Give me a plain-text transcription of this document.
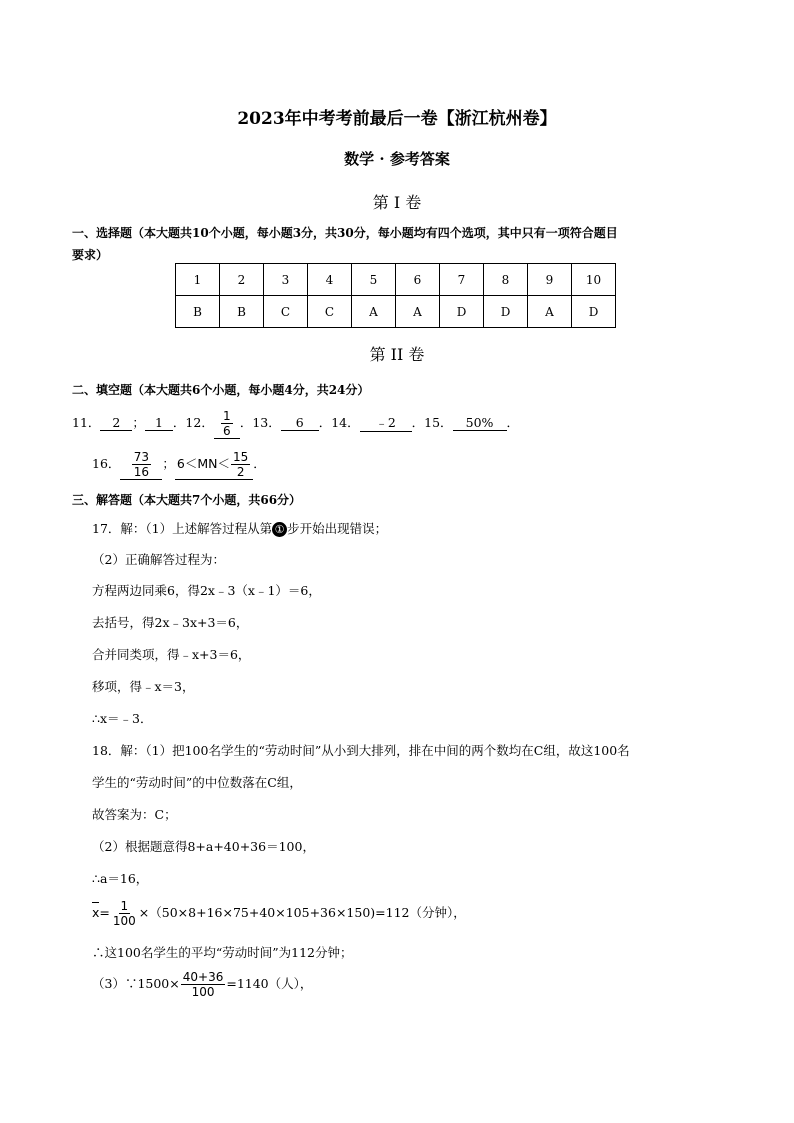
2023年中考考前最后一卷【浙江杭州卷】
数学 · 参考答案
第 I 卷
一、选择题（本大题共10个小题，每小题3分，共30分，每小题均有四个选项，其中只有一项符合题目
要求）
1	2	3	4	5	6	7	8	9	10
B	B	C	C	A	A	D	D	A	D
第 II 卷
二、填空题（本大题共6个小题，每小题4分，共24分）
11． 2 ； 1 ．12． $\frac{1}{6}$ ．13． 6 ．14． ﹣2 ．15． 50% ．
16． $\frac{73}{16}$ ； $6<MN< \frac{15}{2}$ ．
三、解答题（本大题共7个小题，共66分）
17．解：（1）上述解答过程从第 ① 步开始出现错误；
（2）正确解答过程为：
方程两边同乘6，得2x﹣3（x﹣1）＝6，
去括号，得2x﹣3x+3＝6，
合并同类项，得﹣x+3＝6，
移项，得﹣x＝3，
∴x＝﹣3．
18．解：（1）把100名学生的“劳动时间”从小到大排列，排在中间的两个数均在C组，故这100名
学生的“劳动时间”的中位数落在C组，
故答案为：C；
（2）根据题意得8+a+40+36＝100，
∴a＝16，
$x= \frac{1}{100} \times(50\times 8+16\times 75+40\times 105+36\times 150)=112$（分钟），
∴这100名学生的平均“劳动时间”为112分钟；
（3）∵1500× $\frac{40+36}{100} =1140$（人），
